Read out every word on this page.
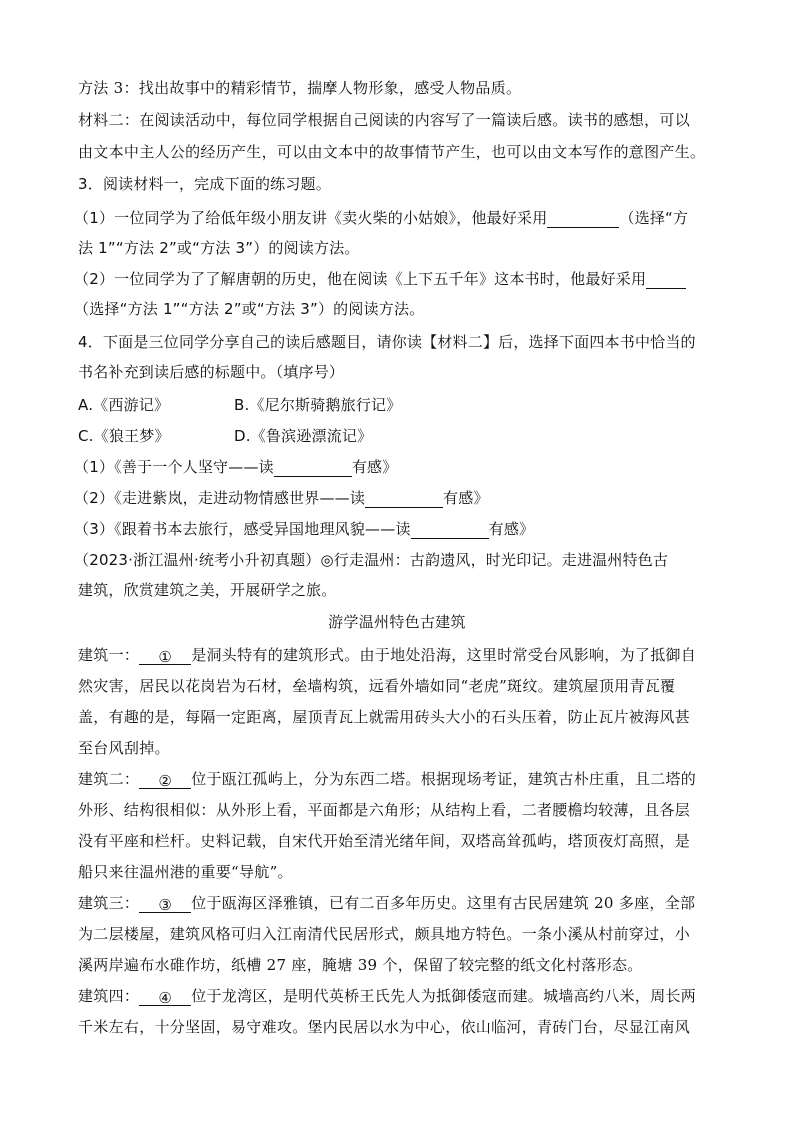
方法 3：找出故事中的精彩情节，揣摩人物形象，感受人物品质。
材料二：在阅读活动中，每位同学根据自己阅读的内容写了一篇读后感。读书的感想，可以
由文本中主人公的经历产生，可以由文本中的故事情节产生，也可以由文本写作的意图产生。
3．阅读材料一，完成下面的练习题。
（1）一位同学为了给低年级小朋友讲《卖火柴的小姑娘》，他最好采用	（选择“方
法 1”“方法 2”或“方法 3”）的阅读方法。
（2）一位同学为了了解唐朝的历史，他在阅读《上下五千年》这本书时，他最好采用
（选择“方法 1”“方法 2”或“方法 3”）的阅读方法。
4．下面是三位同学分享自己的读后感题目，请你读【材料二】后，选择下面四本书中恰当的
书名补充到读后感的标题中。（填序号）
A.《西游记》	B.《尼尔斯骑鹅旅行记》
C.《狼王梦》	D.《鲁滨逊漂流记》
（1）《善于一个人坚守——读	有感》
（2）《走进紫岚，走进动物情感世界——读	有感》
（3）《跟着书本去旅行，感受异国地理风貌——读	有感》
（2023·浙江温州·统考小升初真题）◎行走温州：古韵遗风，时光印记。走进温州特色古
建筑，欣赏建筑之美，开展研学之旅。
游学温州特色古建筑
建筑一： ① 是洞头特有的建筑形式。由于地处沿海，这里时常受台风影响，为了抵御自
然灾害，居民以花岗岩为石材，垒墙构筑，远看外墙如同“老虎”斑纹。建筑屋顶用青瓦覆
盖，有趣的是，每隔一定距离，屋顶青瓦上就需用砖头大小的石头压着，防止瓦片被海风甚
至台风刮掉。
建筑二： ② 位于瓯江孤屿上，分为东西二塔。根据现场考证，建筑古朴庄重，且二塔的
外形、结构很相似：从外形上看，平面都是六角形；从结构上看，二者腰檐均较薄，且各层
没有平座和栏杆。史料记载，自宋代开始至清光绪年间，双塔高耸孤屿，塔顶夜灯高照，是
船只来往温州港的重要“导航”。
建筑三： ③ 位于瓯海区泽雅镇，已有二百多年历史。这里有古民居建筑 20 多座，全部
为二层楼屋，建筑风格可归入江南清代民居形式，颇具地方特色。一条小溪从村前穿过，小
溪两岸遍布水碓作坊，纸槽 27 座，腌塘 39 个，保留了较完整的纸文化村落形态。
建筑四： ④ 位于龙湾区，是明代英桥王氏先人为抵御倭寇而建。城墙高约八米，周长两
千米左右，十分坚固，易守难攻。堡内民居以水为中心，依山临河，青砖门台，尽显江南风
